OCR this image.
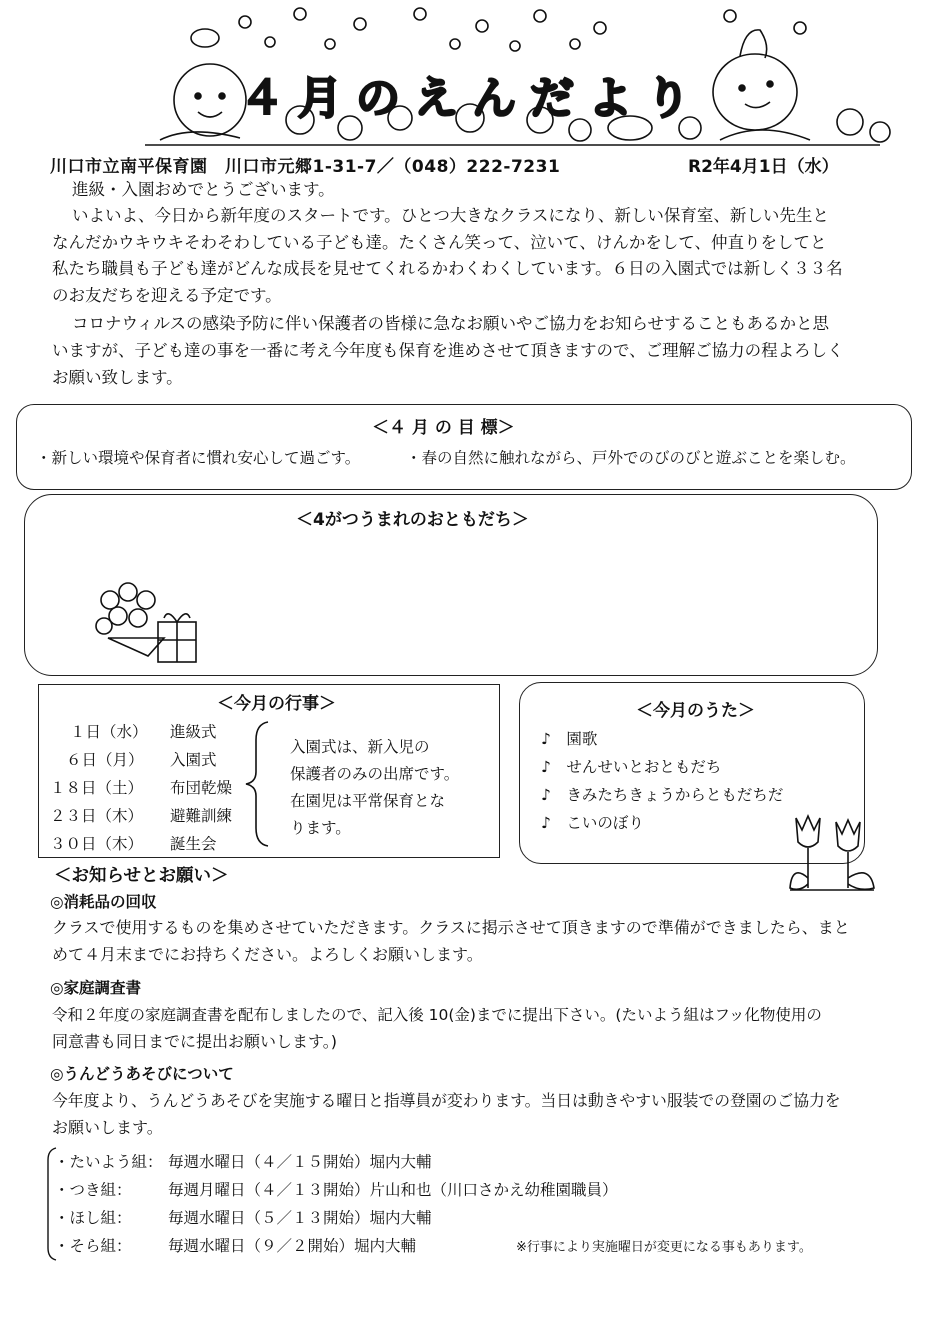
４月のえんだより
川口市立南平保育園　川口市元郷1-31-7／（048）222-7231	R2年4月1日（水）
進級・入園おめでとうございます。
いよいよ、今日から新年度のスタートです。ひとつ大きなクラスになり、新しい保育室、新しい先生と
なんだかウキウキそわそわしている子ども達。たくさん笑って、泣いて、けんかをして、仲直りをしてと
私たち職員も子ども達がどんな成長を見せてくれるかわくわくしています。６日の入園式では新しく３３名
のお友だちを迎える予定です。
コロナウィルスの感染予防に伴い保護者の皆様に急なお願いやご協力をお知らせすることもあるかと思
いますが、子ども達の事を一番に考え今年度も保育を進めさせて頂きますので、ご理解ご協力の程よろしく
お願い致します。
＜４ 月 の 目 標＞
・新しい環境や保育者に慣れ安心して過ごす。	・春の自然に触れながら、戸外でのびのびと遊ぶことを楽しむ。
＜4がつうまれのおともだち＞
＜今月の行事＞
１日（水） 進級式
６日（月） 入園式
１８日（土） 布団乾燥
２３日（木） 避難訓練
３０日（木） 誕生会
入園式は、新入児の
保護者のみの出席です。
在園児は平常保育とな
ります。
＜今月のうた＞
♪　園歌
♪　せんせいとおともだち
♪　きみたちきょうからともだちだ
♪　こいのぼり
＜お知らせとお願い＞
◎消耗品の回収
クラスで使用するものを集めさせていただきます。クラスに掲示させて頂きますので準備ができましたら、まと
めて４月末までにお持ちください。よろしくお願いします。
◎家庭調査書
令和２年度の家庭調査書を配布しましたので、記入後 10(金)までに提出下さい。(たいよう組はフッ化物使用の
同意書も同日までに提出お願いします。)
◎うんどうあそびについて
今年度より、うんどうあそびを実施する曜日と指導員が変わります。当日は動きやすい服装での登園のご協力を
お願いします。
・たいよう組： 毎週水曜日（４／１５開始）堀内大輔
・つき組： 毎週月曜日（４／１３開始）片山和也（川口さかえ幼稚園職員）
・ほし組： 毎週水曜日（５／１３開始）堀内大輔
・そら組： 毎週水曜日（９／２開始）堀内大輔	※行事により実施曜日が変更になる事もあります。
